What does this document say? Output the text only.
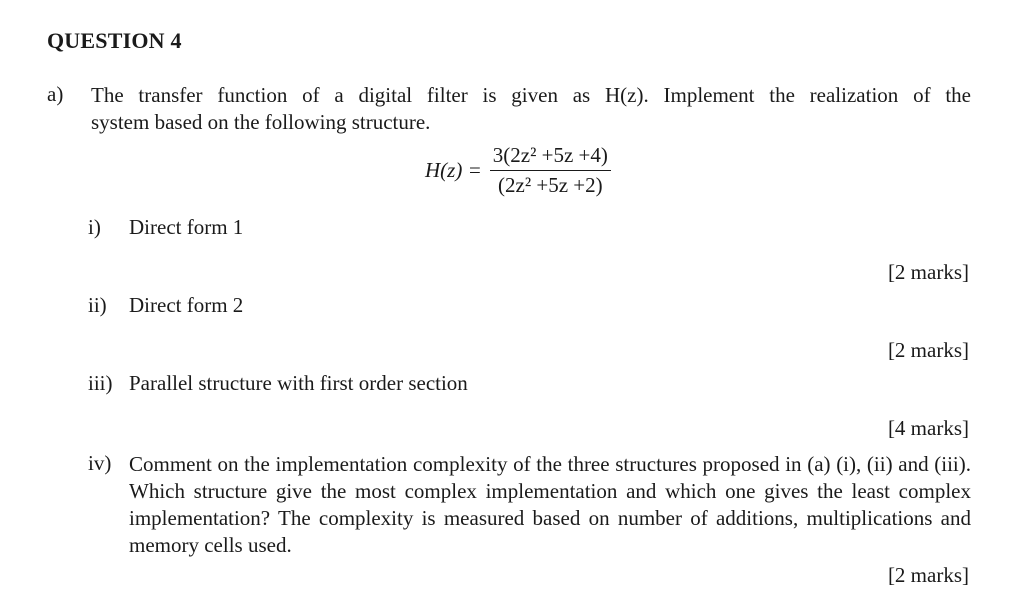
QUESTION 4
a) The transfer function of a digital filter is given as H(z). Implement the realization of the
system based on the following structure.
$H(z) = \frac{\text{3(2z² +5z +4)}}{\text{(2z² +5z +2)}}$
i) Direct form 1
[2 marks]
ii) Direct form 2
[2 marks]
iii) Parallel structure with first order section
[4 marks]
iv) Comment on the implementation complexity of the three structures proposed in (a) (i), (ii) and (iii). Which structure give the most complex implementation and which one gives the least complex implementation? The complexity is measured based on number of additions, multiplications and memory cells used.
[2 marks]
